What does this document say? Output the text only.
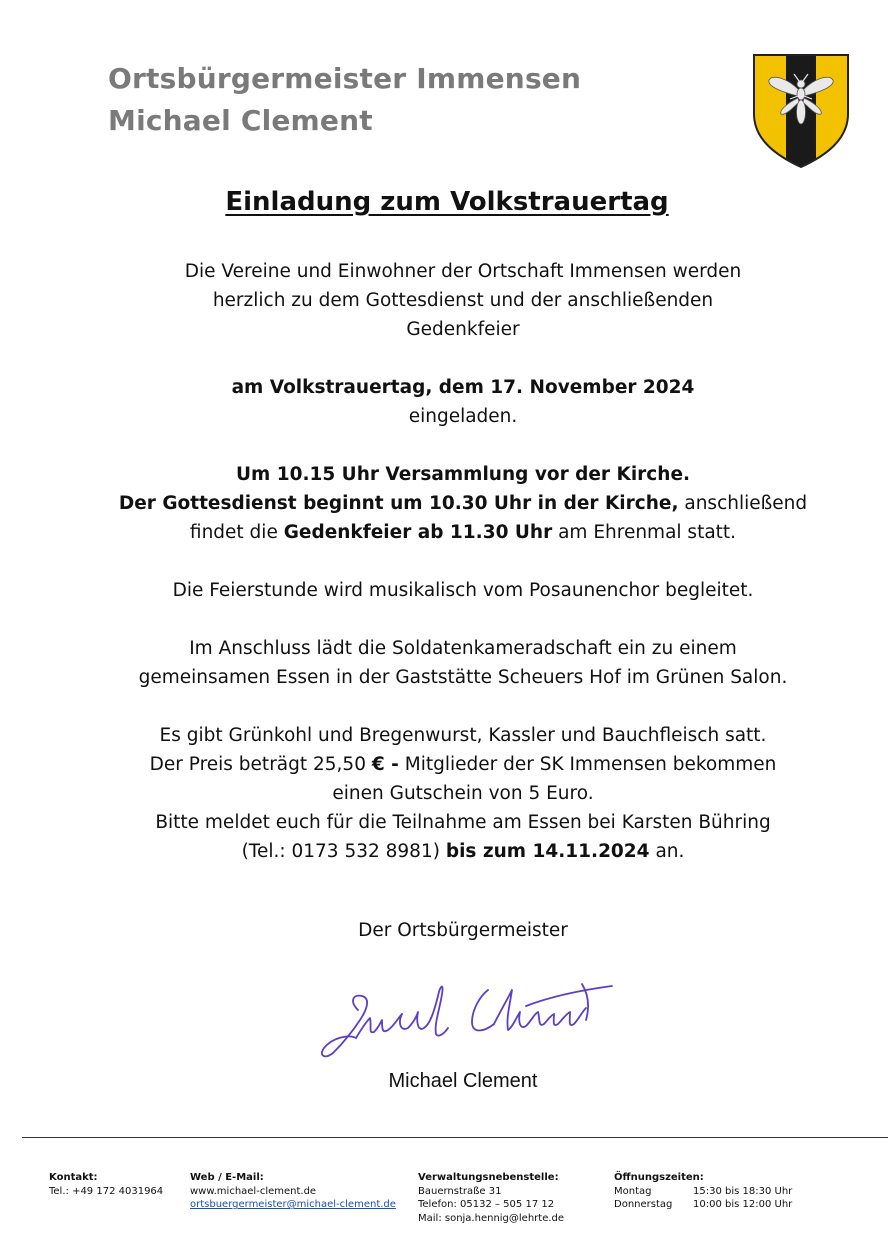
Ortsbürgermeister Immensen
Michael Clement
Einladung zum Volkstrauertag
Die Vereine und Einwohner der Ortschaft Immensen werden
herzlich zu dem Gottesdienst und der anschließenden
Gedenkfeier
am Volkstrauertag, dem 17. November 2024
eingeladen.
Um 10.15 Uhr Versammlung vor der Kirche.
Der Gottesdienst beginnt um 10.30 Uhr in der Kirche, anschließend
findet die Gedenkfeier ab 11.30 Uhr am Ehrenmal statt.
Die Feierstunde wird musikalisch vom Posaunenchor begleitet.
Im Anschluss lädt die Soldatenkameradschaft ein zu einem
gemeinsamen Essen in der Gaststätte Scheuers Hof im Grünen Salon.
Es gibt Grünkohl und Bregenwurst, Kassler und Bauchfleisch satt.
Der Preis beträgt 25,50 € - Mitglieder der SK Immensen bekommen
einen Gutschein von 5 Euro.
Bitte meldet euch für die Teilnahme am Essen bei Karsten Bühring
(Tel.: 0173 532 8981) bis zum 14.11.2024 an.
Der Ortsbürgermeister
Michael Clement
Kontakt:
Tel.: +49 172 4031964
Web / E-Mail:
www.michael-clement.de
ortsbuergermeister@michael-clement.de
Verwaltungsnebenstelle:
Bauernstraße 31
Telefon: 05132 – 505 17 12
Mail: sonja.hennig@lehrte.de
Öffnungszeiten:
Montag	15:30 bis 18:30 Uhr
Donnerstag	10:00 bis 12:00 Uhr
